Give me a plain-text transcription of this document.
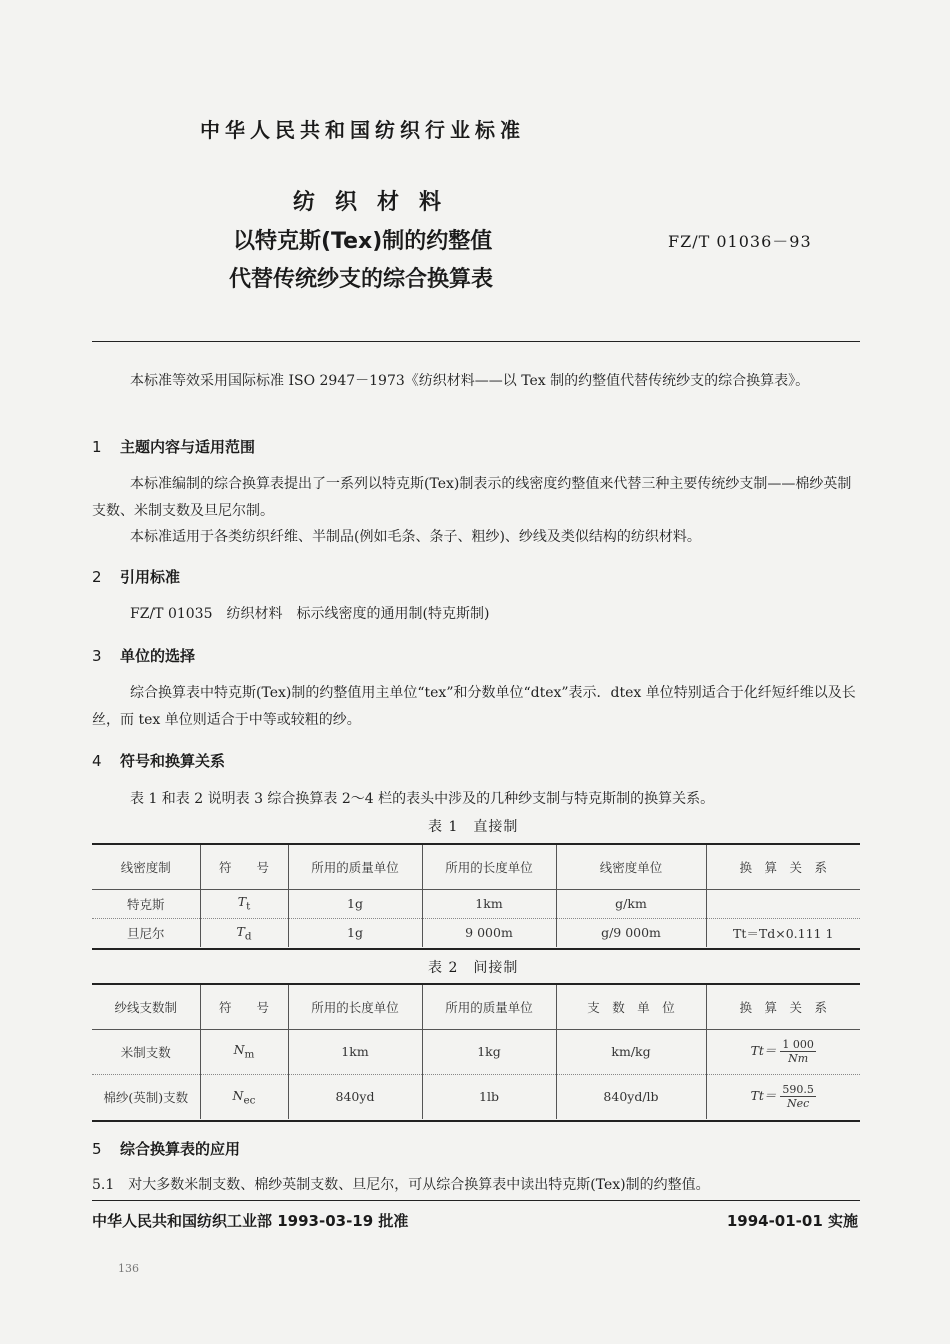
中华人民共和国纺织行业标准
纺织材料
以特克斯(Tex)制的约整值
代替传统纱支的综合换算表
FZ/T 01036－93
本标准等效采用国际标准 ISO 2947－1973《纺织材料——以 Tex 制的约整值代替传统纱支的综合换算表》。
1 主题内容与适用范围
本标准编制的综合换算表提出了一系列以特克斯(Tex)制表示的线密度约整值来代替三种主要传统纱支制——棉纱英制支数、米制支数及旦尼尔制。
本标准适用于各类纺织纤维、半制品(例如毛条、条子、粗纱)、纱线及类似结构的纺织材料。
2 引用标准
FZ/T 01035　纺织材料　标示线密度的通用制(特克斯制)
3 单位的选择
综合换算表中特克斯(Tex)制的约整值用主单位“tex”和分数单位“dtex”表示．dtex 单位特别适合于化纤短纤维以及长丝，而 tex 单位则适合于中等或较粗的纱。
4 符号和换算关系
表 1 和表 2 说明表 3 综合换算表 2～4 栏的表头中涉及的几种纱支制与特克斯制的换算关系。
表 1　直接制
线密度制	符　　号	所用的质量单位	所用的长度单位	线密度单位	换　算　关　系
特克斯	$T_t$	1g	1km	g/km	
旦尼尔	$T_d$	1g	9 000m	g/9 000m	Tt＝Td×0.111 1
表 2　间接制
纱线支数制	符　　号	所用的长度单位	所用的质量单位	支　数　单　位	换　算　关　系
米制支数	$N_m$	1km	1kg	km/kg	$Tt= \frac{1 000}{Nm}$

棉纱(英制)支数	$N_{ec}$	840yd	1lb	840yd/lb	$Tt= \frac{590.5}{\text{Nec}}$
5 综合换算表的应用
5.1　对大多数米制支数、棉纱英制支数、旦尼尔，可从综合换算表中读出特克斯(Tex)制的约整值。
中华人民共和国纺织工业部 1993-03-19 批准	1994-01-01 实施
136
